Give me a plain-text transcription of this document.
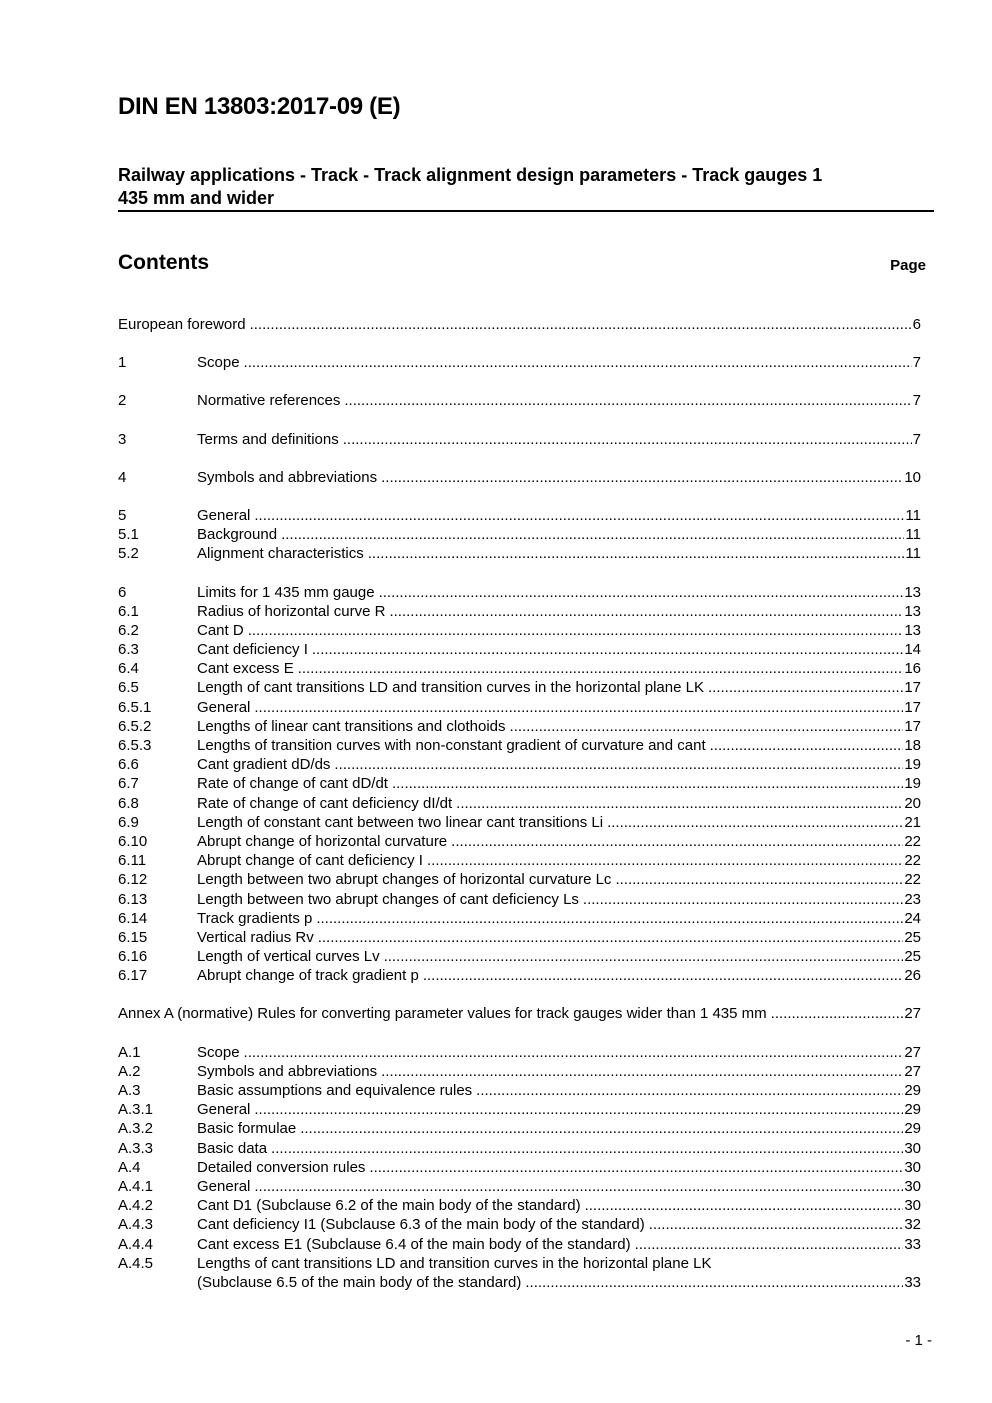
DIN EN 13803:2017-09 (E)
Railway applications - Track - Track alignment design parameters - Track gauges 1
435 mm and wider
Contents	Page
European foreword .....	6
1	Scope .....	7
2	Normative references .....	7
3	Terms and definitions .....	7
4	Symbols and abbreviations .....	10
5	General .....	11
5.1	Background .....	11
5.2	Alignment characteristics .....	11
6	Limits for 1 435 mm gauge .....	13
6.1	Radius of horizontal curve R .....	13
6.2	Cant D .....	13
6.3	Cant deficiency I .....	14
6.4	Cant excess E .....	16
6.5	Length of cant transitions LD and transition curves in the horizontal plane LK .....	17
6.5.1	General .....	17
6.5.2	Lengths of linear cant transitions and clothoids .....	17
6.5.3	Lengths of transition curves with non-constant gradient of curvature and cant .....	18
6.6	Cant gradient dD/ds .....	19
6.7	Rate of change of cant dD/dt .....	19
6.8	Rate of change of cant deficiency dI/dt .....	20
6.9	Length of constant cant between two linear cant transitions Li .....	21
6.10	Abrupt change of horizontal curvature .....	22
6.11	Abrupt change of cant deficiency I .....	22
6.12	Length between two abrupt changes of horizontal curvature Lc .....	22
6.13	Length between two abrupt changes of cant deficiency Ls .....	23
6.14	Track gradients p .....	24
6.15	Vertical radius Rv .....	25
6.16	Length of vertical curves Lv .....	25
6.17	Abrupt change of track gradient p .....	26
Annex A (normative) Rules for converting parameter values for track gauges wider than 1 435 mm .....	27
A.1	Scope .....	27
A.2	Symbols and abbreviations .....	27
A.3	Basic assumptions and equivalence rules .....	29
A.3.1	General .....	29
A.3.2	Basic formulae .....	29
A.3.3	Basic data .....	30
A.4	Detailed conversion rules .....	30
A.4.1	General .....	30
A.4.2	Cant D1 (Subclause 6.2 of the main body of the standard) .....	30
A.4.3	Cant deficiency I1 (Subclause 6.3 of the main body of the standard) .....	32
A.4.4	Cant excess E1 (Subclause 6.4 of the main body of the standard) .....	33
A.4.5	Lengths of cant transitions LD and transition curves in the horizontal plane LK
(Subclause 6.5 of the main body of the standard) .....	33
- 1 -
